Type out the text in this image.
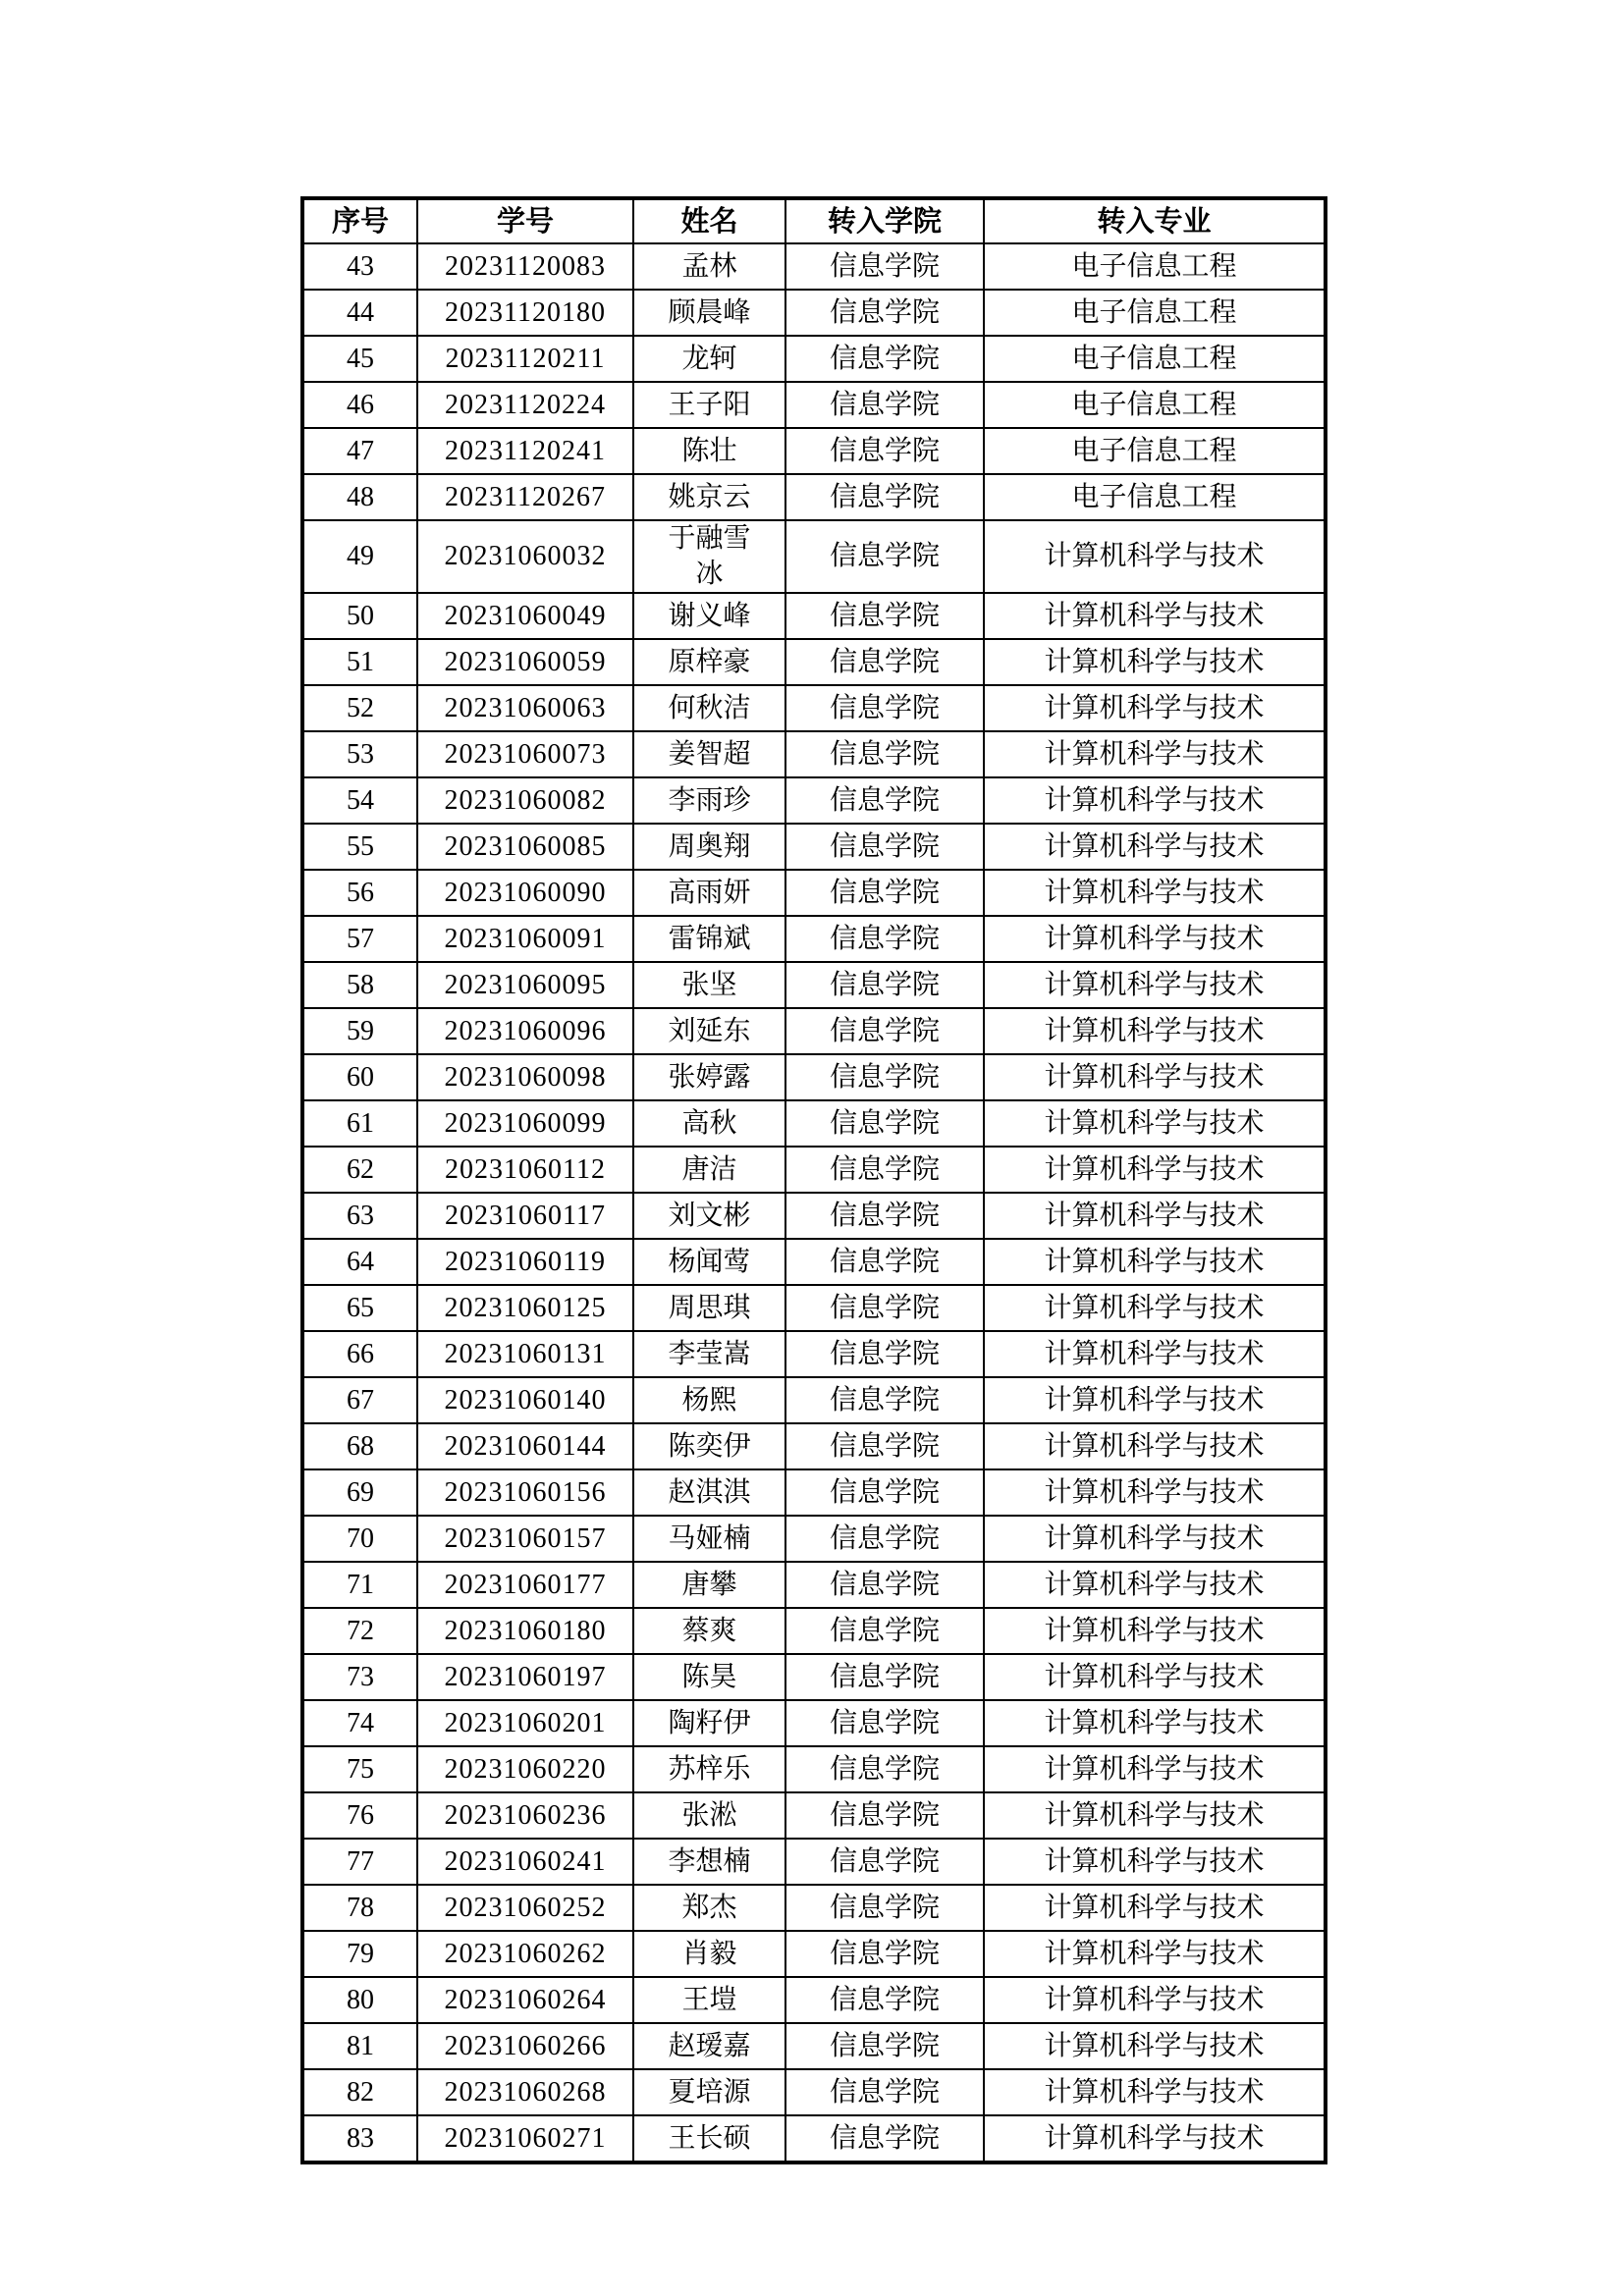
序号	学号	姓名	转入学院	转入专业
43	20231120083	孟林	信息学院	电子信息工程
44	20231120180	顾晨峰	信息学院	电子信息工程
45	20231120211	龙轲	信息学院	电子信息工程
46	20231120224	王子阳	信息学院	电子信息工程
47	20231120241	陈壮	信息学院	电子信息工程
48	20231120267	姚京云	信息学院	电子信息工程
49	20231060032	于融雪冰	信息学院	计算机科学与技术
50	20231060049	谢义峰	信息学院	计算机科学与技术
51	20231060059	原梓豪	信息学院	计算机科学与技术
52	20231060063	何秋洁	信息学院	计算机科学与技术
53	20231060073	姜智超	信息学院	计算机科学与技术
54	20231060082	李雨珍	信息学院	计算机科学与技术
55	20231060085	周奥翔	信息学院	计算机科学与技术
56	20231060090	高雨妍	信息学院	计算机科学与技术
57	20231060091	雷锦斌	信息学院	计算机科学与技术
58	20231060095	张坚	信息学院	计算机科学与技术
59	20231060096	刘延东	信息学院	计算机科学与技术
60	20231060098	张婷露	信息学院	计算机科学与技术
61	20231060099	高秋	信息学院	计算机科学与技术
62	20231060112	唐洁	信息学院	计算机科学与技术
63	20231060117	刘文彬	信息学院	计算机科学与技术
64	20231060119	杨闻莺	信息学院	计算机科学与技术
65	20231060125	周思琪	信息学院	计算机科学与技术
66	20231060131	李莹嵩	信息学院	计算机科学与技术
67	20231060140	杨熙	信息学院	计算机科学与技术
68	20231060144	陈奕伊	信息学院	计算机科学与技术
69	20231060156	赵淇淇	信息学院	计算机科学与技术
70	20231060157	马娅楠	信息学院	计算机科学与技术
71	20231060177	唐攀	信息学院	计算机科学与技术
72	20231060180	蔡爽	信息学院	计算机科学与技术
73	20231060197	陈昊	信息学院	计算机科学与技术
74	20231060201	陶籽伊	信息学院	计算机科学与技术
75	20231060220	苏梓乐	信息学院	计算机科学与技术
76	20231060236	张淞	信息学院	计算机科学与技术
77	20231060241	李想楠	信息学院	计算机科学与技术
78	20231060252	郑杰	信息学院	计算机科学与技术
79	20231060262	肖毅	信息学院	计算机科学与技术
80	20231060264	王塏	信息学院	计算机科学与技术
81	20231060266	赵瑷嘉	信息学院	计算机科学与技术
82	20231060268	夏培源	信息学院	计算机科学与技术
83	20231060271	王长硕	信息学院	计算机科学与技术
